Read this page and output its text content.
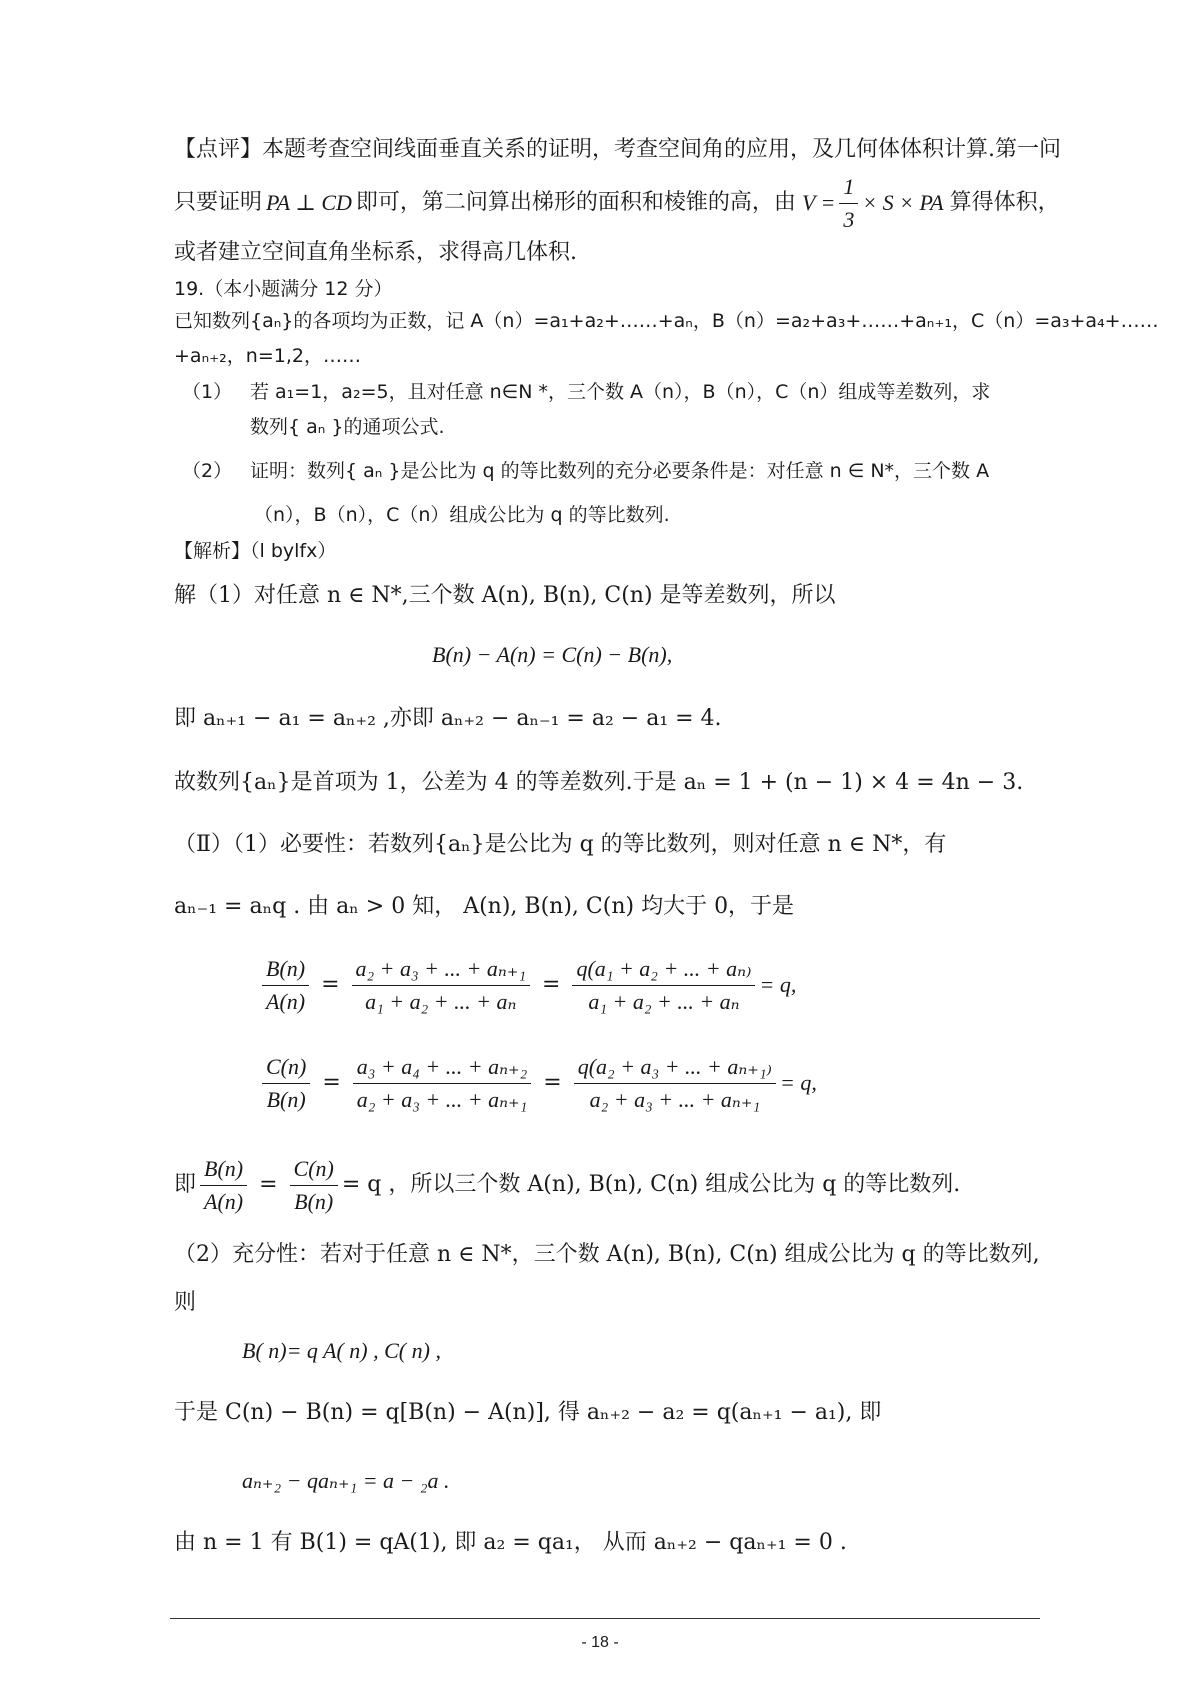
【点评】本题考查空间线面垂直关系的证明，考查空间角的应用，及几何体体积计算.第一问
只要证明 PA ⊥ CD 即可，第二问算出梯形的面积和棱锥的高，由 $V = \frac{1}{3} \times S$ × PA 算得体积，
或者建立空间直角坐标系，求得高几体积.
19.（本小题满分 12 分）
已知数列{aₙ}的各项均为正数，记 A（n）=a₁+a₂+……+aₙ，B（n）=a₂+a₃+……+aₙ₊₁，C（n）=a₃+a₄+……
+aₙ₊₂，n=1,2，……
（1） 若 a₁=1，a₂=5，且对任意 n∈N *，三个数 A（n），B（n），C（n）组成等差数列，求
数列{ aₙ }的通项公式.
（2） 证明：数列{ aₙ }是公比为 q 的等比数列的充分必要条件是：对任意 n ∈ N*，三个数 A
（n），B（n），C（n）组成公比为 q 的等比数列.
【解析】（l bylfx）
解（1）对任意 n ∈ N*,三个数 A(n), B(n), C(n) 是等差数列，所以
B(n) − A(n) = C(n) − B(n),
即 aₙ₊₁ − a₁ = aₙ₊₂ ,亦即 aₙ₊₂ − aₙ₋₁ = a₂ − a₁ = 4.
故数列{aₙ}是首项为 1，公差为 4 的等差数列.于是 aₙ = 1 + (n − 1) × 4 = 4n − 3.
（Ⅱ）（1）必要性：若数列{aₙ}是公比为 q 的等比数列，则对任意 n ∈ N*，有
aₙ₋₁ = aₙq . 由 aₙ > 0 知， A(n), B(n), C(n) 均大于 0，于是
$\frac{B(n)}{A(n)} = \frac{\text{a₂ + a₃ + ... + aₙ₊₁}}{\text{a₁ + a₂ + ... + aₙ}} = \frac{\text{q(a₁ + a₂ + ... + aₙ₎}}{\text{a₁ + a₂ + ... + aₙ}} = q$,
$\frac{C(n)}{B(n)} = \frac{\text{a₃ + a₄ + ... + aₙ₊₂}}{\text{a₂ + a₃ + ... + aₙ₊₁}} = \frac{\text{q(a₂ + a₃ + ... + aₙ₊₁₎}}{\text{a₂ + a₃ + ... + aₙ₊₁}} = q$,
即 $\frac{B(n)}{A(n)} = \frac{C(n)}{B(n)} = q$ ，所以三个数 A(n), B(n), C(n) 组成公比为 q 的等比数列.
（2）充分性：若对于任意 n ∈ N*，三个数 A(n), B(n), C(n) 组成公比为 q 的等比数列,
则
B( n)= q A( n) , C( n) ,
于是 C(n) − B(n) = q[B(n) − A(n)], 得 aₙ₊₂ − a₂ = q(aₙ₊₁ − a₁), 即
aₙ₊₂ − qaₙ₊₁ = a − ₂a .
由 n = 1 有 B(1) = qA(1), 即 a₂ = qa₁， 从而 aₙ₊₂ − qaₙ₊₁ = 0 .
- 18 -
